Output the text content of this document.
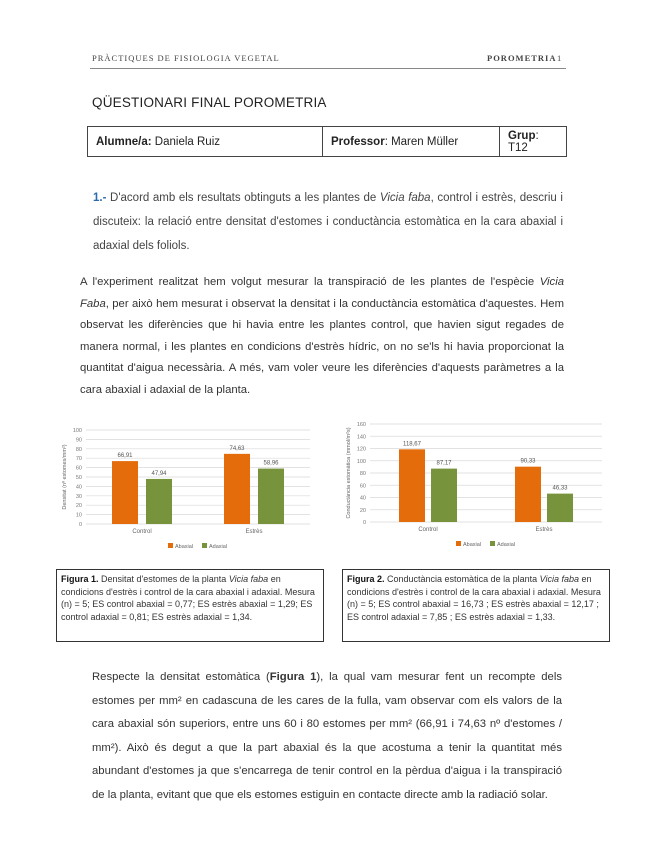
PRÀCTIQUES DE FISIOLOGIA VEGETAL	POROMETRIA 1
QÜESTIONARI FINAL POROMETRIA
Alumne/a: Daniela Ruiz	Professor: Maren Müller	Grup: T12
1.- D'acord amb els resultats obtinguts a les plantes de Vicia faba, control i estrès, descriu i discuteix: la relació entre densitat d'estomes i conductància estomàtica en la cara abaxial i adaxial dels foliols.
A l'experiment realitzat hem volgut mesurar la transpiració de les plantes de l'espècie Vicia Faba, per això hem mesurat i observat la densitat i la conductància estomàtica d'aquestes. Hem observat les diferències que hi havia entre les plantes control, que havien sigut regades de manera normal, i les plantes en condicions d'estrès hídric, on no se'ls hi havia proporcionat la quantitat d'aigua necessària. A més, vam voler veure les diferències d'aquests paràmetres a la cara abaxial i adaxial de la planta.
0
10
20
30
40
50
60
70
80
90
100
Densitat (nº estomes/mm²)	66,91
47,94
Control
74,63
58,96
Estrès
Abaxial	Adaxial
0
20
40
60
80
100
120
140
160
Conductància estomàtica (mmol/m²s)	118,67
87,17
Control
90,33
46,33
Estrès
Abaxial	Adaxial
Figura 1. Densitat d'estomes de la planta Vicia faba en condicions d'estrès i control de la cara abaxial i adaxial. Mesura (n) = 5; ES control abaxial = 0,77; ES estrès abaxial = 1,29; ES control adaxial = 0,81; ES estrès adaxial = 1,34.
Figura 2. Conductància estomàtica de la planta Vicia faba en condicions d'estrès i control de la cara abaxial i adaxial. Mesura (n) = 5; ES control abaxial = 16,73 ; ES estrès abaxial = 12,17 ; ES control adaxial = 7,85 ; ES estrès adaxial = 1,33.
Respecte la densitat estomàtica (Figura 1), la qual vam mesurar fent un recompte dels estomes per mm² en cadascuna de les cares de la fulla, vam observar com els valors de la cara abaxial són superiors, entre uns 60 i 80 estomes per mm² (66,91 i 74,63 nº d'estomes / mm²). Això és degut a que la part abaxial és la que acostuma a tenir la quantitat més abundant d'estomes ja que s'encarrega de tenir control en la pèrdua d'aigua i la transpiració de la planta, evitant que que els estomes estiguin en contacte directe amb la radiació solar.
